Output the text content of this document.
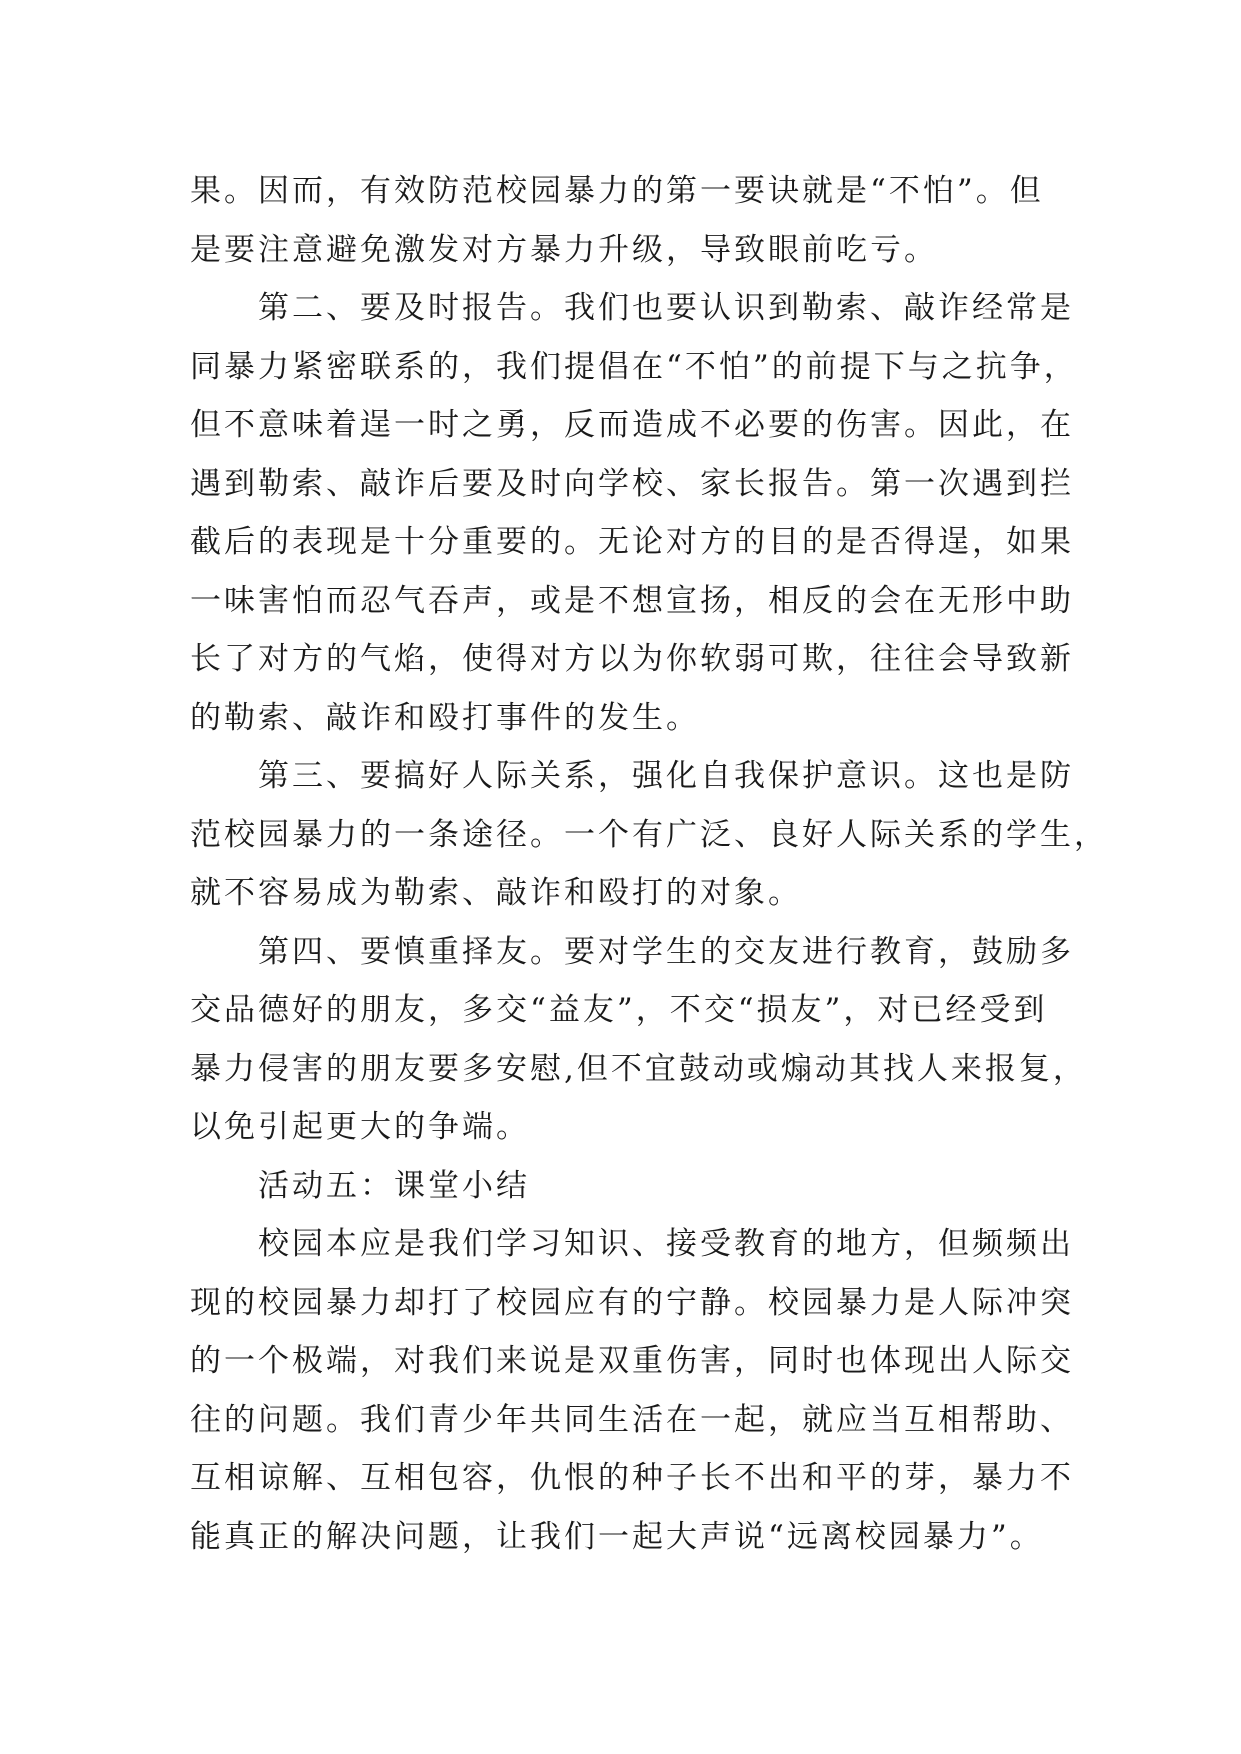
果。因而，有效防范校园暴力的第一要诀就是“不怕”。但
是要注意避免激发对方暴力升级，导致眼前吃亏。
第二、要及时报告。我们也要认识到勒索、敲诈经常是
同暴力紧密联系的，我们提倡在“不怕”的前提下与之抗争，
但不意味着逞一时之勇，反而造成不必要的伤害。因此，在
遇到勒索、敲诈后要及时向学校、家长报告。第一次遇到拦
截后的表现是十分重要的。无论对方的目的是否得逞，如果
一味害怕而忍气吞声，或是不想宣扬，相反的会在无形中助
长了对方的气焰，使得对方以为你软弱可欺，往往会导致新
的勒索、敲诈和殴打事件的发生。
第三、要搞好人际关系，强化自我保护意识。这也是防
范校园暴力的一条途径。一个有广泛、良好人际关系的学生，
就不容易成为勒索、敲诈和殴打的对象。
第四、要慎重择友。要对学生的交友进行教育，鼓励多
交品德好的朋友，多交“益友”，不交“损友”，对已经受到
暴力侵害的朋友要多安慰,但不宜鼓动或煽动其找人来报复，
以免引起更大的争端。
活动五：课堂小结
校园本应是我们学习知识、接受教育的地方，但频频出
现的校园暴力却打了校园应有的宁静。校园暴力是人际冲突
的一个极端，对我们来说是双重伤害，同时也体现出人际交
往的问题。我们青少年共同生活在一起，就应当互相帮助、
互相谅解、互相包容，仇恨的种子长不出和平的芽，暴力不
能真正的解决问题，让我们一起大声说“远离校园暴力”。
